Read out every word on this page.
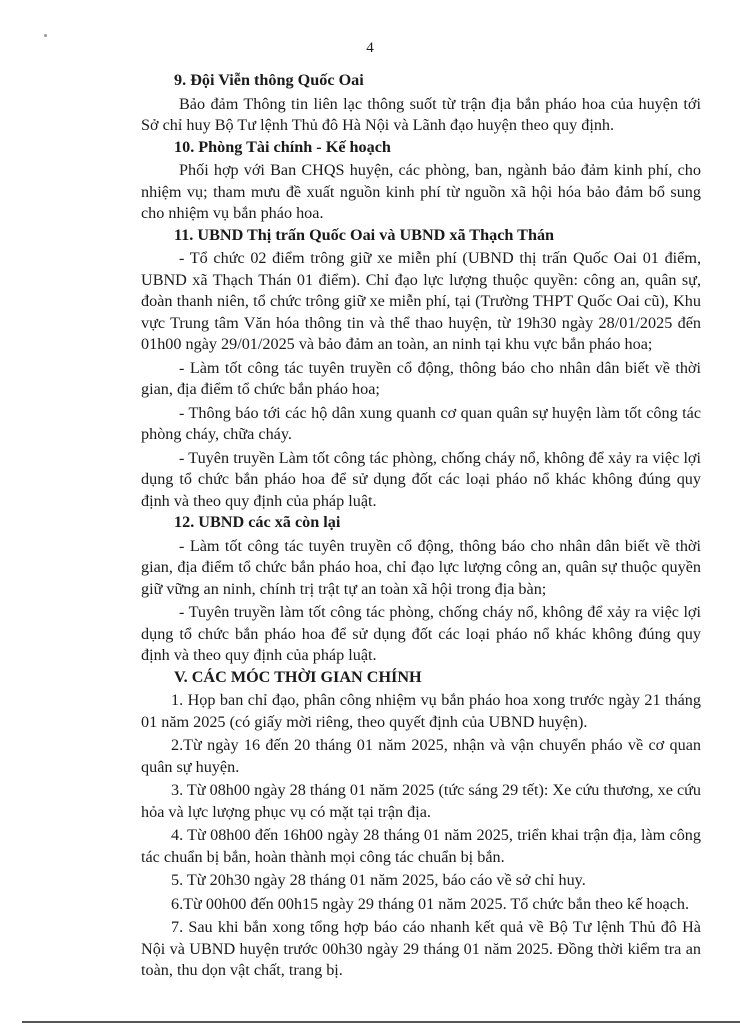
4

9. Đội Viễn thông Quốc Oai

Bảo đảm Thông tin liên lạc thông suốt từ trận địa bắn pháo hoa của huyện tới Sở chỉ huy Bộ Tư lệnh Thủ đô Hà Nội và Lãnh đạo huyện theo quy định.

10. Phòng Tài chính - Kế hoạch

Phối hợp với Ban CHQS huyện, các phòng, ban, ngành bảo đảm kinh phí, cho nhiệm vụ; tham mưu đề xuất nguồn kinh phí từ nguồn xã hội hóa bảo đảm bổ sung cho nhiệm vụ bắn pháo hoa.

11. UBND Thị trấn Quốc Oai và UBND xã Thạch Thán

- Tổ chức 02 điểm trông giữ xe miễn phí (UBND thị trấn Quốc Oai 01 điểm, UBND xã Thạch Thán 01 điểm). Chỉ đạo lực lượng thuộc quyền: công an, quân sự, đoàn thanh niên, tổ chức trông giữ xe miễn phí, tại (Trường THPT Quốc Oai cũ), Khu vực Trung tâm Văn hóa thông tin và thể thao huyện, từ 19h30 ngày 28/01/2025 đến 01h00 ngày 29/01/2025 và bảo đảm an toàn, an ninh tại khu vực bắn pháo hoa;

- Làm tốt công tác tuyên truyền cổ động, thông báo cho nhân dân biết về thời gian, địa điểm tổ chức bắn pháo hoa;

- Thông báo tới các hộ dân xung quanh cơ quan quân sự huyện làm tốt công tác phòng cháy, chữa cháy.

- Tuyên truyền Làm tốt công tác phòng, chống cháy nổ, không để xảy ra việc lợi dụng tổ chức bắn pháo hoa để sử dụng đốt các loại pháo nổ khác không đúng quy định và theo quy định của pháp luật.

12. UBND các xã còn lại

- Làm tốt công tác tuyên truyền cổ động, thông báo cho nhân dân biết về thời gian, địa điểm tổ chức bắn pháo hoa, chỉ đạo lực lượng công an, quân sự thuộc quyền giữ vững an ninh, chính trị trật tự an toàn xã hội trong địa bàn;

- Tuyên truyền làm tốt công tác phòng, chống cháy nổ, không để xảy ra việc lợi dụng tổ chức bắn pháo hoa để sử dụng đốt các loại pháo nổ khác không đúng quy định và theo quy định của pháp luật.

V. CÁC MÓC THỜI GIAN CHÍNH

1. Họp ban chỉ đạo, phân công nhiệm vụ bắn pháo hoa xong trước ngày 21 tháng 01 năm 2025 (có giấy mời riêng, theo quyết định của UBND huyện).

2.Từ ngày 16 đến 20 tháng 01 năm 2025, nhận và vận chuyển pháo về cơ quan quân sự huyện.

3. Từ 08h00 ngày 28 tháng 01 năm 2025 (tức sáng 29 tết): Xe cứu thương, xe cứu hỏa và lực lượng phục vụ có mặt tại trận địa.

4. Từ 08h00 đến 16h00 ngày 28 tháng 01 năm 2025, triển khai trận địa, làm công tác chuẩn bị bắn, hoàn thành mọi công tác chuẩn bị bắn.

5. Từ 20h30 ngày 28 tháng 01 năm 2025, báo cáo về sở chỉ huy.

6.Từ 00h00 đến 00h15 ngày 29 tháng 01 năm 2025. Tổ chức bắn theo kế hoạch.

7. Sau khi bắn xong tổng hợp báo cáo nhanh kết quả về Bộ Tư lệnh Thủ đô Hà Nội và UBND huyện trước 00h30 ngày 29 tháng 01 năm 2025. Đồng thời kiểm tra an toàn, thu dọn vật chất, trang bị.
